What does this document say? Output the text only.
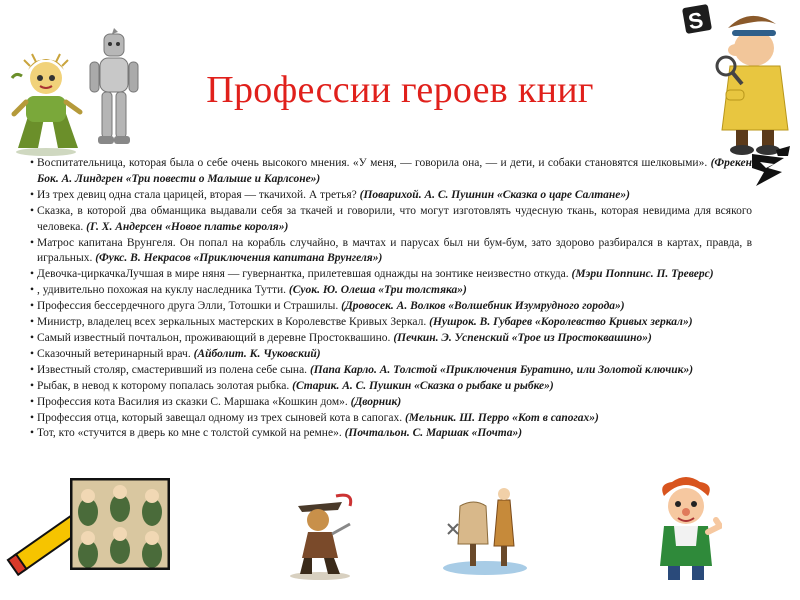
Профессии героев книг
• Воспитательница, которая была о себе очень высокого мнения. «У меня, — говорила она, — и дети, и собаки становятся шелковыми». (Фрекен Бок. А. Линдгрен «Три повести о Малыше и Карлсоне»)
• Из трех девиц одна стала царицей, вторая — ткачихой. А третья? (Поварихой. А. С. Пушнин «Сказка о царе Салтане»)
• Сказка, в которой два обманщика выдавали себя за ткачей и говорили, что могут изготовлять чудесную ткань, которая невидима для всякого человека. (Г. Х. Андерсен «Новое платье короля»)
• Матрос капитана Врунгеля. Он попал на корабль случайно, в мачтах и парусах был ни бум-бум, зато здорово разбирался в картах, правда, в игральных. (Фукс. В. Некрасов «Приключения капитана Врунгеля»)
• Девочка-циркачкаЛучшая в мире няня — гувернантка, прилетевшая однажды на зонтике неизвестно откуда. (Мэри Поппинс. П. Треверс)
• , удивительно похожая на куклу наследника Тутти. (Суок. Ю. Олеша «Три толстяка»)
• Профессия бессердечного друга Элли, Тотошки и Страшилы. (Дровосек. А. Волков «Волшебник Изумрудного города»)
• Министр, владелец всех зеркальных мастерских в Королевстве Кривых Зеркал. (Нушрок. В. Губарев «Королевство Кривых зеркал»)
• Самый известный почтальон, проживающий в деревне Простоквашино. (Печкин. Э. Успенский «Трое из Простоквашино»)
• Сказочный ветеринарный врач. (Айболит. К. Чуковский)
• Известный столяр, смастеривший из полена себе сына. (Папа Карло. А. Толстой «Приключения Буратино, или Золотой ключик»)
• Рыбак, в невод к которому попалась золотая рыбка. (Старик. А. С. Пушкин «Сказка о рыбаке и рыбке»)
• Профессия кота Василия из сказки С. Маршака «Кошкин дом». (Дворник)
• Профессия отца, который завещал одному из трех сыновей кота в сапогах. (Мельник. Ш. Перро «Кот в сапогах»)
• Тот, кто «стучится в дверь ко мне с толстой сумкой на ремне». (Почтальон. С. Маршак «Почта»)
S
